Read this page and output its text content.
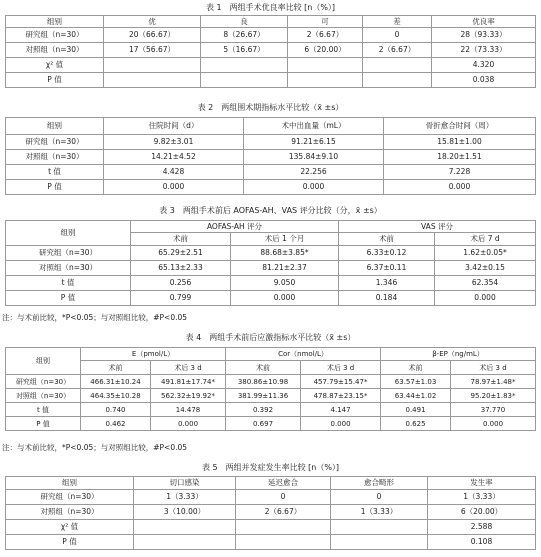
表 1　两组手术优良率比较 [n（%）]
组别	优	良	可	差	优良率
研究组（n=30）	20（66.67）	8（26.67）	2（6.67）	0	28（93.33）
对照组（n=30）	17（56.67）	5（16.67）	6（20.00）	2（6.67）	22（73.33）
χ² 值					4.320
P 值					0.038
表 2　两组围术期指标水平比较（x̄ ±s）
组别	住院时间（d）	术中出血量（mL）	骨折愈合时间（周）
研究组（n=30）	9.82±3.01	91.21±6.15	15.81±1.00
对照组（n=30）	14.21±4.52	135.84±9.10	18.20±1.51
t 值	4.428	22.256	7.228
P 值	0.000	0.000	0.000
表 3　两组手术前后 AOFAS-AH、VAS 评分比较（分，x̄ ±s）
组别	AOFAS-AH 评分		VAS 评分	
	术前	术后 1 个月	术前	术后 7 d
研究组（n=30）	65.29±2.51	88.68±3.85*	6.33±0.12	1.62±0.05*
对照组（n=30）	65.13±2.33	81.21±2.37	6.37±0.11	3.42±0.15
t 值	0.256	9.050	1.346	62.354
P 值	0.799	0.000	0.184	0.000
注：与术前比较，*P<0.05；与对照组比较，#P<0.05
表 4　两组手术前后应激指标水平比较（x̄ ±s）
组别	E（pmol/L）		Cor（nmol/L）		β-EP（ng/mL）	
	术前	术后 3 d	术前	术后 3 d	术前	术后 3 d
研究组（n=30）	466.31±10.24	491.81±17.74*	380.86±10.98	457.79±15.47*	63.57±1.03	78.97±1.48*
对照组（n=30）	464.35±10.28	562.32±19.92*	381.99±11.36	478.87±23.15*	63.44±1.02	95.20±1.83*
t 值	0.740	14.478	0.392	4.147	0.491	37.770
P 值	0.462	0.000	0.697	0.000	0.625	0.000
注：与术前比较，*P<0.05；与对照组比较，#P<0.05
表 5　两组并发症发生率比较 [n（%）]
组别	切口感染	延迟愈合	愈合畸形	发生率
研究组（n=30）	1（3.33）	0	0	1（3.33）
对照组（n=30）	3（10.00）	2（6.67）	1（3.33）	6（20.00）
χ² 值				2.588
P 值				0.108
